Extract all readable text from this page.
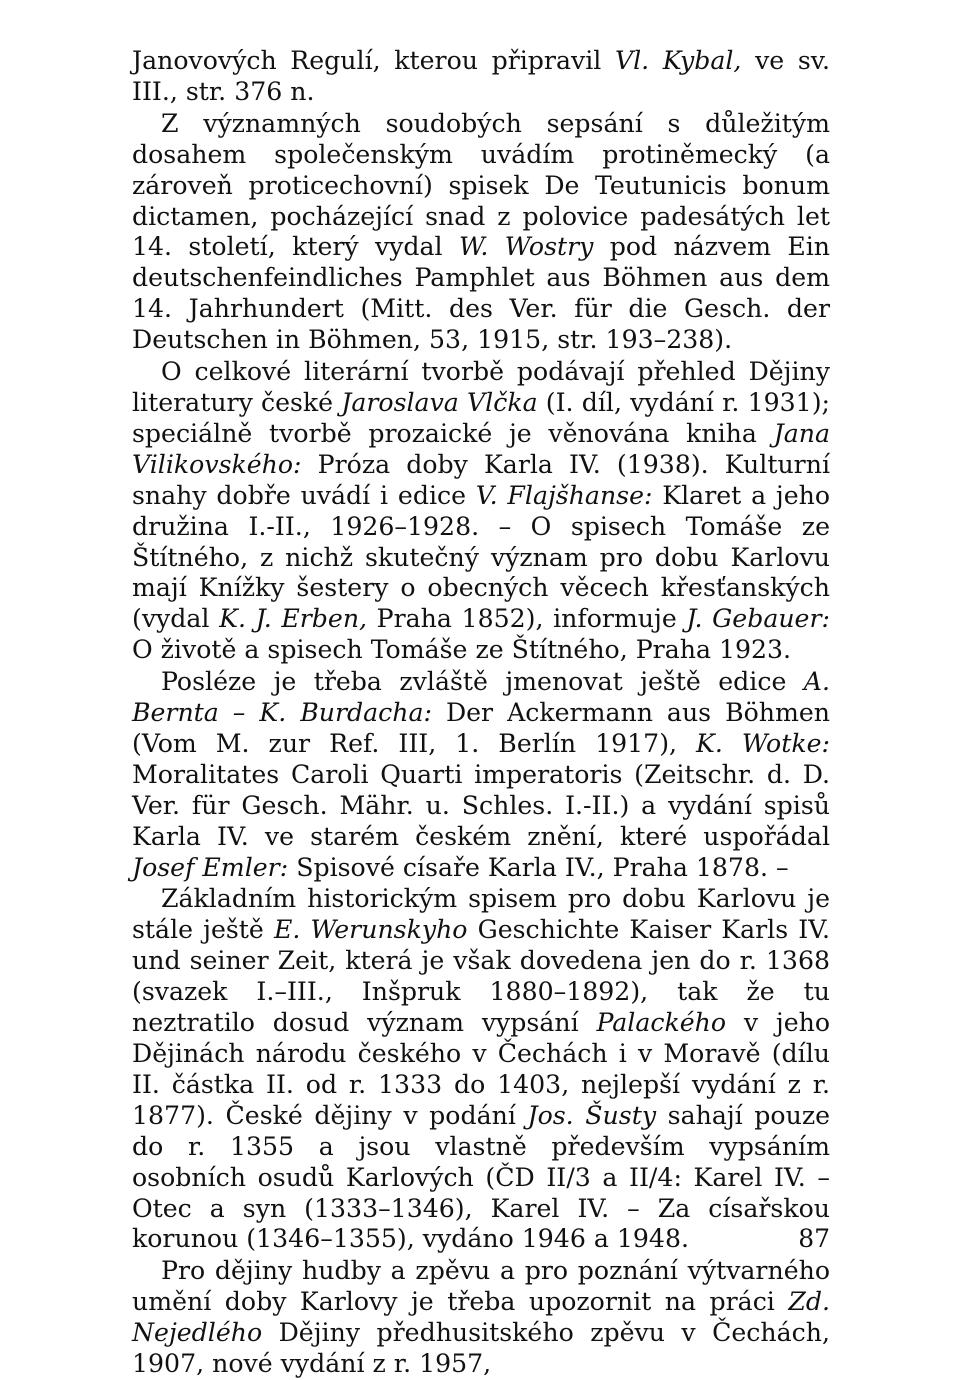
Janovových Regulí, kterou připravil Vl. Kybal, ve sv. III., str. 376 n.

Z významných soudobých sepsání s důležitým dosahem společenským uvádím protiněmecký (a zároveň proticechovní) spisek De Teutunicis bonum dictamen, pocházející snad z polovice padesátých let 14. století, který vydal W. Wostry pod názvem Ein deutschenfeindliches Pamphlet aus Böhmen aus dem 14. Jahrhundert (Mitt. des Ver. für die Gesch. der Deutschen in Böhmen, 53, 1915, str. 193–238).

O celkové literární tvorbě podávají přehled Dějiny literatury české Jaroslava Vlčka (I. díl, vydání r. 1931); speciálně tvorbě prozaické je věnována kniha Jana Vilikovského: Próza doby Karla IV. (1938). Kulturní snahy dobře uvádí i edice V. Flajšhanse: Klaret a jeho družina I.-II., 1926–1928. – O spisech Tomáše ze Štítného, z nichž skutečný význam pro dobu Karlovu mají Knížky šestery o obecných věcech křesťanských (vydal K. J. Erben, Praha 1852), informuje J. Gebauer: O životě a spisech Tomáše ze Štítného, Praha 1923.

Posléze je třeba zvláště jmenovat ještě edice A. Bernta – K. Burdacha: Der Ackermann aus Böhmen (Vom M. zur Ref. III, 1. Berlín 1917), K. Wotke: Moralitates Caroli Quarti imperatoris (Zeitschr. d. D. Ver. für Gesch. Mähr. u. Schles. I.-II.) a vydání spisů Karla IV. ve starém českém znění, které uspořádal Josef Emler: Spisové císaře Karla IV., Praha 1878. –

Základním historickým spisem pro dobu Karlovu je stále ještě E. Werunskyho Geschichte Kaiser Karls IV. und seiner Zeit, která je však dovedena jen do r. 1368 (svazek I.–III., Inšpruk 1880–1892), tak že tu neztratilo dosud význam vypsání Palackého v jeho Dějinách národu českého v Čechách i v Moravě (dílu II. částka II. od r. 1333 do 1403, nejlepší vydání z r. 1877). České dějiny v podání Jos. Šusty sahají pouze do r. 1355 a jsou vlastně především vypsáním osobních osudů Karlových (ČD II/3 a II/4: Karel IV. – Otec a syn (1333–1346), Karel IV. – Za císařskou korunou (1346–1355), vydáno 1946 a 1948.

Pro dějiny hudby a zpěvu a pro poznání výtvarného umění doby Karlovy je třeba upozornit na práci Zd. Nejedlého Dějiny předhusitského zpěvu v Čechách, 1907, nové vydání z r. 1957,

87
